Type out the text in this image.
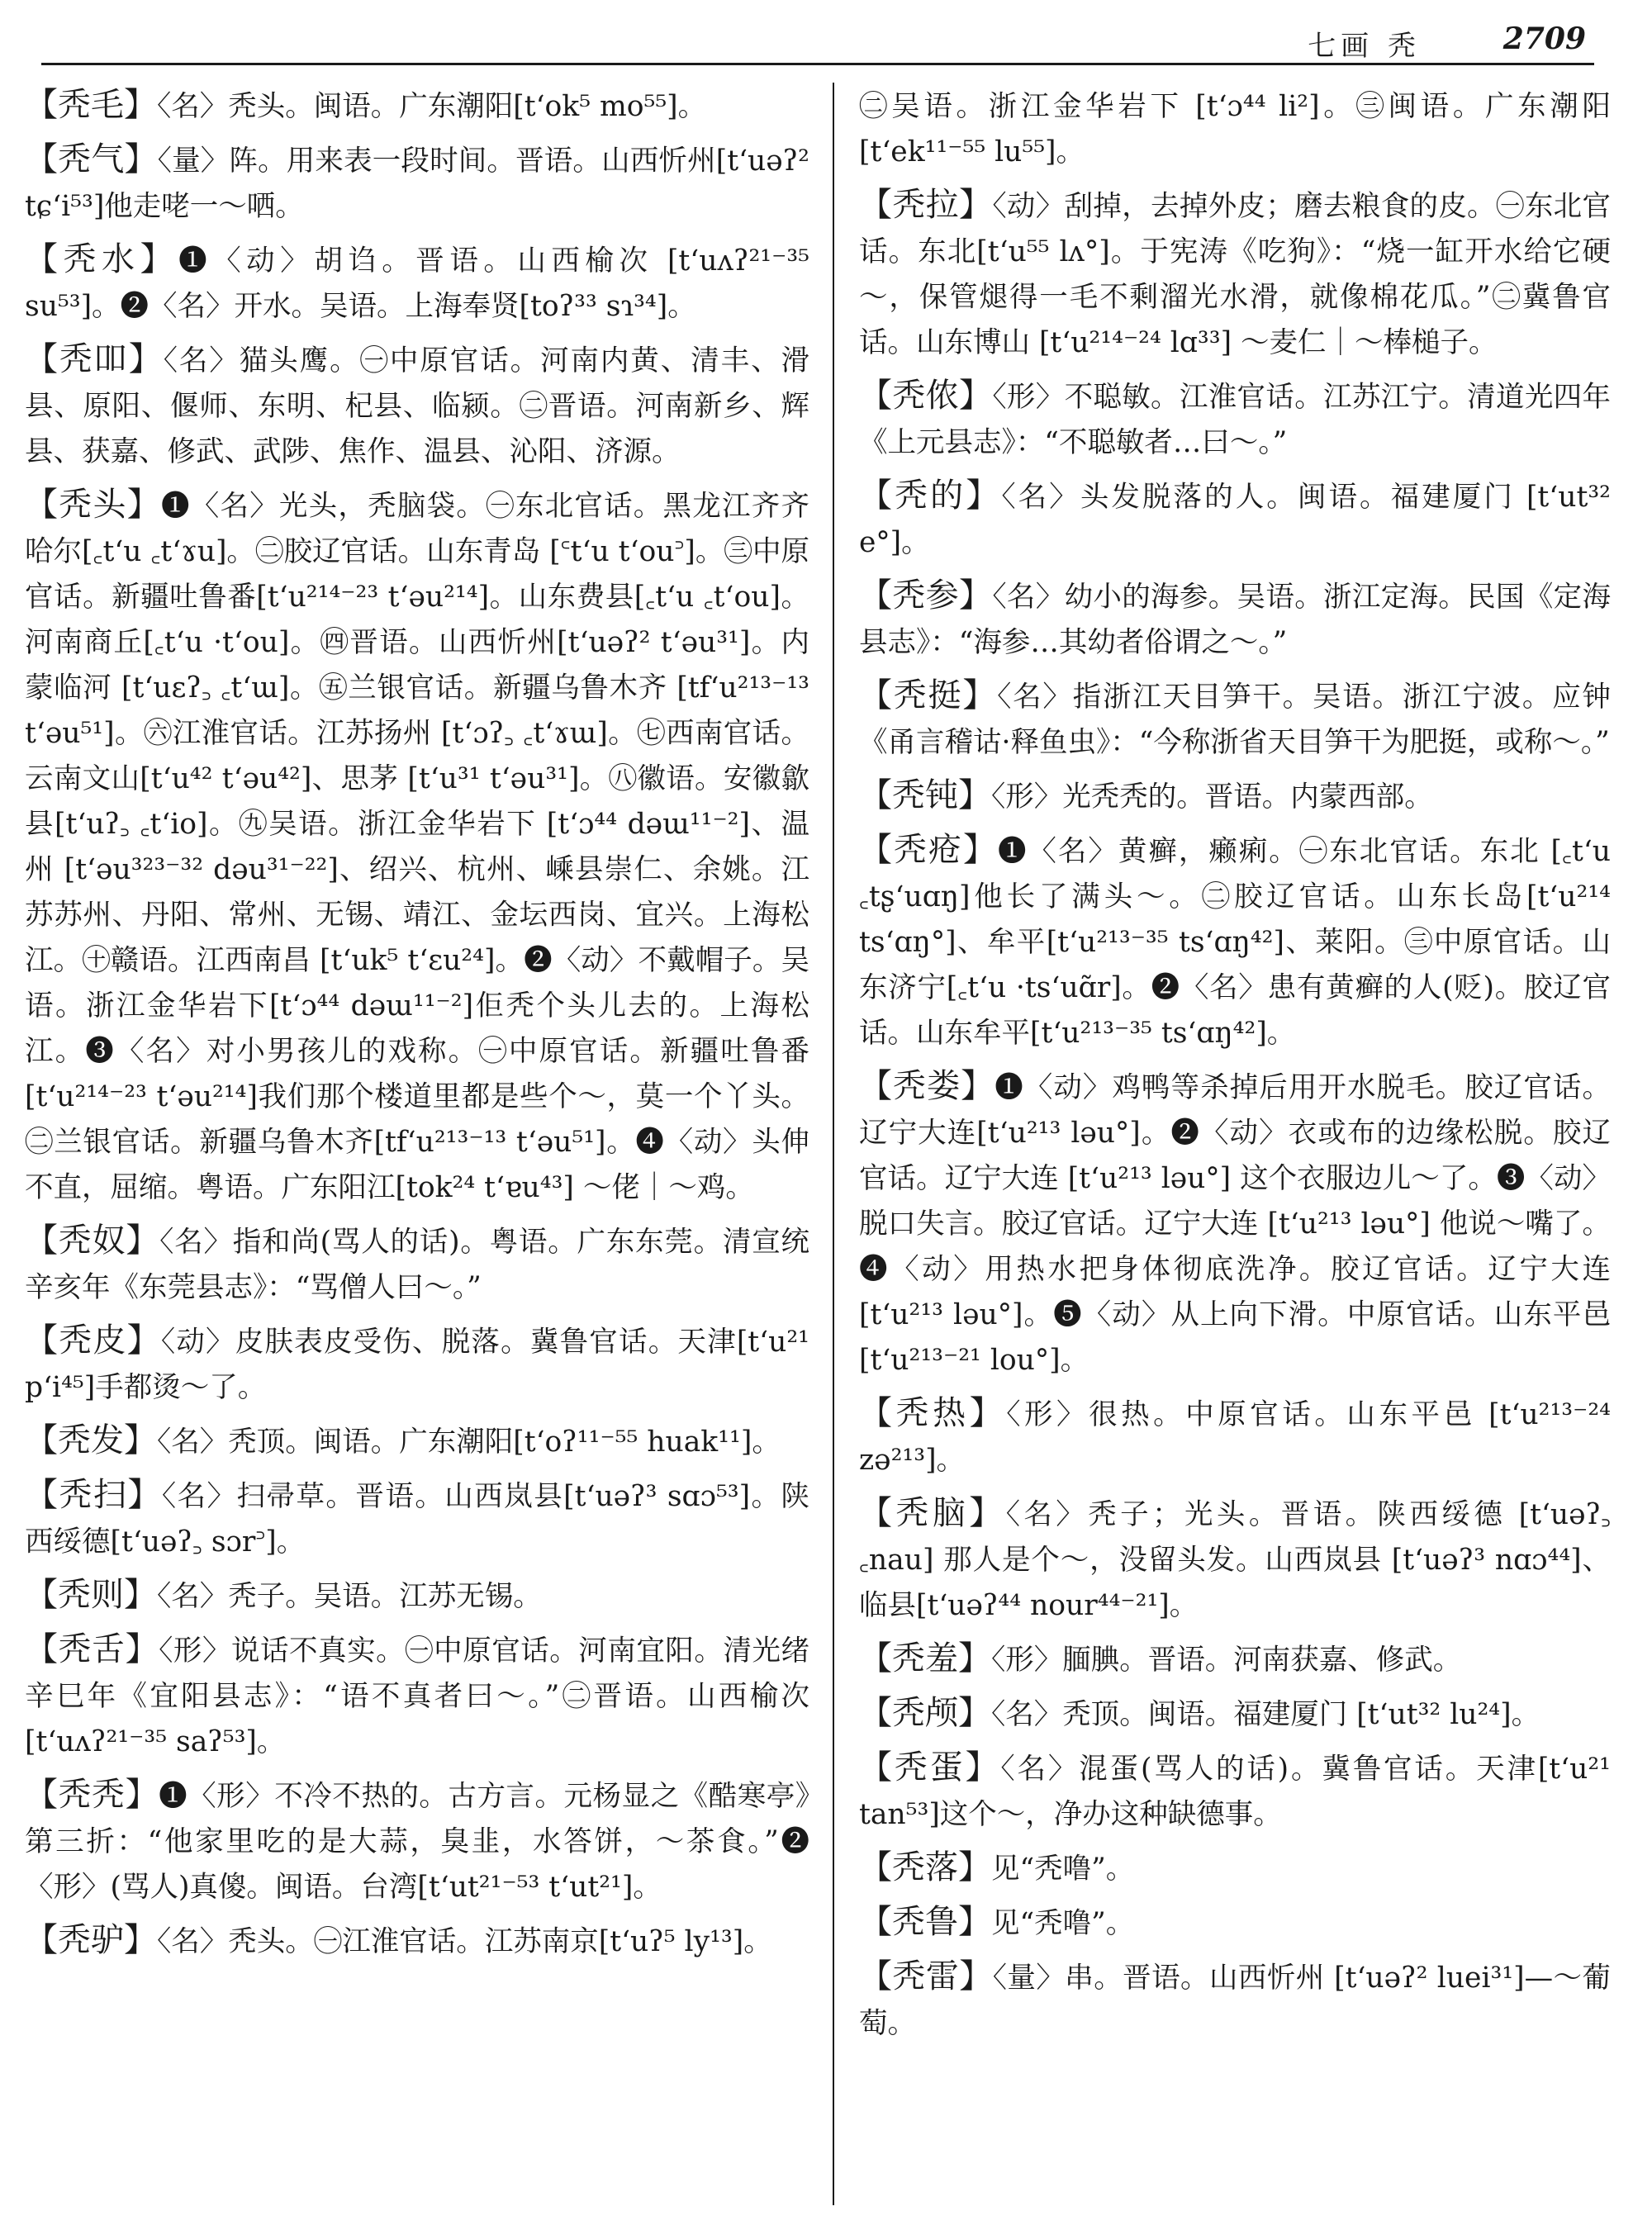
七画 秃	2709

【秃毛】〈名〉秃头。闽语。广东潮阳[tʻok⁵ mo⁵⁵]。

【秃气】〈量〉阵。用来表一段时间。晋语。山西忻州[tʻuəʔ² tɕʻi⁵³]他走咾一～哂。

【秃水】❶〈动〉胡诌。晋语。山西榆次 [tʻuʌʔ²¹⁻³⁵ su⁵³]。❷〈名〉开水。吴语。上海奉贤[toʔ³³ sɿ³⁴]。

【秃吅】〈名〉猫头鹰。㊀中原官话。河南内黄、清丰、滑县、原阳、偃师、东明、杞县、临颍。㊁晋语。河南新乡、辉县、获嘉、修武、武陟、焦作、温县、沁阳、济源。

【秃头】❶〈名〉光头，秃脑袋。㊀东北官话。黑龙江齐齐哈尔[꜀tʻu ꜀tʻɤu]。㊁胶辽官话。山东青岛 [꜂tʻu tʻou꜄]。㊂中原官话。新疆吐鲁番[tʻu²¹⁴⁻²³ tʻəu²¹⁴]。山东费县[꜀tʻu ꜀tʻou]。河南商丘[꜀tʻu ·tʻou]。㊃晋语。山西忻州[tʻuəʔ² tʻəu³¹]。内蒙临河 [tʻuɛʔ꜆ ꜀tʻɯ]。㊄兰银官话。新疆乌鲁木齐 [tfʻu²¹³⁻¹³ tʻəu⁵¹]。㊅江淮官话。江苏扬州 [tʻɔʔ꜆ ꜀tʻɤɯ]。㊆西南官话。云南文山[tʻu⁴² tʻəu⁴²]、思茅 [tʻu³¹ tʻəu³¹]。㊇徽语。安徽歙县[tʻuʔ꜆ ꜀tʻio]。㊈吴语。浙江金华岩下 [tʻɔ⁴⁴ dəɯ¹¹⁻²]、温州 [tʻəu³²³⁻³² dəu³¹⁻²²]、绍兴、杭州、嵊县崇仁、余姚。江苏苏州、丹阳、常州、无锡、靖江、金坛西岗、宜兴。上海松江。㊉赣语。江西南昌 [tʻuk⁵ tʻɛu²⁴]。❷〈动〉不戴帽子。吴语。浙江金华岩下[tʻɔ⁴⁴ dəɯ¹¹⁻²]佢秃个头儿去的。上海松江。❸〈名〉对小男孩儿的戏称。㊀中原官话。新疆吐鲁番 [tʻu²¹⁴⁻²³ tʻəu²¹⁴]我们那个楼道里都是些个～，莫一个丫头。㊁兰银官话。新疆乌鲁木齐[tfʻu²¹³⁻¹³ tʻəu⁵¹]。❹〈动〉头伸不直，屈缩。粤语。广东阳江[tok²⁴ tʻɐu⁴³] ～佬｜～鸡。

【秃奴】〈名〉指和尚(骂人的话)。粤语。广东东莞。清宣统辛亥年《东莞县志》：“骂僧人曰～。”

【秃皮】〈动〉皮肤表皮受伤、脱落。冀鲁官话。天津[tʻu²¹ pʻi⁴⁵]手都烫～了。

【秃发】〈名〉秃顶。闽语。广东潮阳[tʻoʔ¹¹⁻⁵⁵ huak¹¹]。

【秃扫】〈名〉扫帚草。晋语。山西岚县[tʻuəʔ³ sɑɔ⁵³]。陕西绥德[tʻuəʔ꜆ sɔr꜄]。

【秃则】〈名〉秃子。吴语。江苏无锡。

【秃舌】〈形〉说话不真实。㊀中原官话。河南宜阳。清光绪辛巳年《宜阳县志》：“语不真者曰～。”㊁晋语。山西榆次[tʻuʌʔ²¹⁻³⁵ saʔ⁵³]。

【秃秃】❶〈形〉不冷不热的。古方言。元杨显之《酷寒亭》第三折：“他家里吃的是大蒜，臭韭，水答饼，～茶食。”❷〈形〉(骂人)真傻。闽语。台湾[tʻut²¹⁻⁵³ tʻut²¹]。

【秃驴】〈名〉秃头。㊀江淮官话。江苏南京[tʻuʔ⁵ ly¹³]。

㊁吴语。浙江金华岩下 [tʻɔ⁴⁴ li²]。㊂闽语。广东潮阳[tʻek¹¹⁻⁵⁵ lu⁵⁵]。

【秃拉】〈动〉刮掉，去掉外皮；磨去粮食的皮。㊀东北官话。东北[tʻu⁵⁵ lʌ°]。于宪涛《吃狗》：“烧一缸开水给它硬～，保管煺得一毛不剩溜光水滑，就像棉花瓜。”㊁冀鲁官话。山东博山 [tʻu²¹⁴⁻²⁴ lɑ³³] ～麦仁｜～棒槌子。

【秃侬】〈形〉不聪敏。江淮官话。江苏江宁。清道光四年《上元县志》：“不聪敏者…曰～。”

【秃的】〈名〉头发脱落的人。闽语。福建厦门 [tʻut³² e°]。

【秃参】〈名〉幼小的海参。吴语。浙江定海。民国《定海县志》：“海参…其幼者俗谓之～。”

【秃挺】〈名〉指浙江天目笋干。吴语。浙江宁波。应钟《甬言稽诂·释鱼虫》：“今称浙省天目笋干为肥挺，或称～。”

【秃钝】〈形〉光秃秃的。晋语。内蒙西部。

【秃疮】❶〈名〉黄癣，癞痢。㊀东北官话。东北 [꜀tʻu ꜀tʂʻuɑŋ]他长了满头～。㊁胶辽官话。山东长岛[tʻu²¹⁴ tsʻɑŋ°]、牟平[tʻu²¹³⁻³⁵ tsʻɑŋ⁴²]、莱阳。㊂中原官话。山东济宁[꜀tʻu ·tsʻuɑ̃r]。❷〈名〉患有黄癣的人(贬)。胶辽官话。山东牟平[tʻu²¹³⁻³⁵ tsʻɑŋ⁴²]。

【秃娄】❶〈动〉鸡鸭等杀掉后用开水脱毛。胶辽官话。辽宁大连[tʻu²¹³ ləu°]。❷〈动〉衣或布的边缘松脱。胶辽官话。辽宁大连 [tʻu²¹³ ləu°] 这个衣服边儿～了。❸〈动〉脱口失言。胶辽官话。辽宁大连 [tʻu²¹³ ləu°] 他说～嘴了。❹〈动〉用热水把身体彻底洗净。胶辽官话。辽宁大连 [tʻu²¹³ ləu°]。❺〈动〉从上向下滑。中原官话。山东平邑[tʻu²¹³⁻²¹ lou°]。

【秃热】〈形〉很热。中原官话。山东平邑 [tʻu²¹³⁻²⁴ zə²¹³]。

【秃脑】〈名〉秃子；光头。晋语。陕西绥德 [tʻuəʔ꜆ ꜀nau] 那人是个～，没留头发。山西岚县 [tʻuəʔ³ nɑɔ⁴⁴]、临县[tʻuəʔ⁴⁴ nour⁴⁴⁻²¹]。

【秃羞】〈形〉腼腆。晋语。河南获嘉、修武。

【秃颅】〈名〉秃顶。闽语。福建厦门 [tʻut³² lu²⁴]。

【秃蛋】〈名〉混蛋(骂人的话)。冀鲁官话。天津[tʻu²¹ tan⁵³]这个～，净办这种缺德事。

【秃落】见“秃噜”。

【秃鲁】见“秃噜”。

【秃雷】〈量〉串。晋语。山西忻州 [tʻuəʔ² luei³¹]—～葡萄。
